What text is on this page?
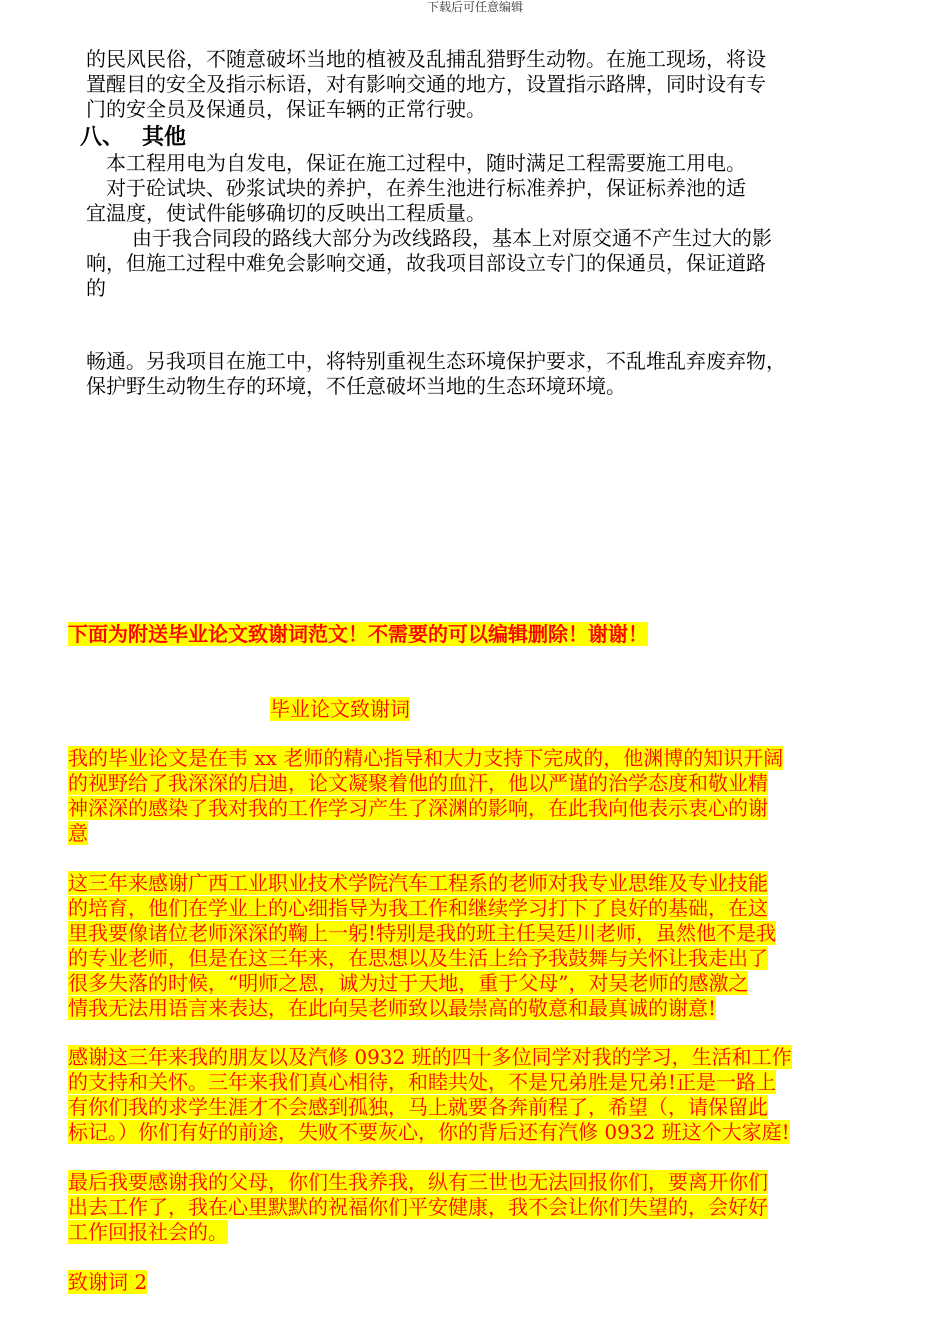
下载后可任意编辑
的民风民俗，不随意破坏当地的植被及乱捕乱猎野生动物。在施工现场，将设
置醒目的安全及指示标语，对有影响交通的地方，设置指示路牌，同时设有专
门的安全员及保通员，保证车辆的正常行驶。
八、 其他
本工程用电为自发电，保证在施工过程中，随时满足工程需要施工用电。
对于砼试块、砂浆试块的养护，在养生池进行标准养护，保证标养池的适
宜温度，使试件能够确切的反映出工程质量。
由于我合同段的路线大部分为改线路段，基本上对原交通不产生过大的影
响，但施工过程中难免会影响交通，故我项目部设立专门的保通员，保证道路
的
畅通。另我项目在施工中，将特别重视生态环境保护要求，不乱堆乱弃废弃物，
保护野生动物生存的环境，不任意破坏当地的生态环境环境。
下面为附送毕业论文致谢词范文！不需要的可以编辑删除！谢谢！
毕业论文致谢词
我的毕业论文是在韦 xx 老师的精心指导和大力支持下完成的，他渊博的知识开阔
的视野给了我深深的启迪，论文凝聚着他的血汗，他以严谨的治学态度和敬业精
神深深的感染了我对我的工作学习产生了深渊的影响，在此我向他表示衷心的谢
意
这三年来感谢广西工业职业技术学院汽车工程系的老师对我专业思维及专业技能
的培育，他们在学业上的心细指导为我工作和继续学习打下了良好的基础，在这
里我要像诸位老师深深的鞠上一躬!特别是我的班主任吴廷川老师，虽然他不是我
的专业老师，但是在这三年来，在思想以及生活上给予我鼓舞与关怀让我走出了
很多失落的时候，“明师之恩，诚为过于天地，重于父母”，对吴老师的感激之
情我无法用语言来表达，在此向吴老师致以最崇高的敬意和最真诚的谢意!
感谢这三年来我的朋友以及汽修 0932 班的四十多位同学对我的学习，生活和工作
的支持和关怀。三年来我们真心相待，和睦共处，不是兄弟胜是兄弟!正是一路上
有你们我的求学生涯才不会感到孤独，马上就要各奔前程了，希望（，请保留此
标记。）你们有好的前途，失败不要灰心，你的背后还有汽修 0932 班这个大家庭!
最后我要感谢我的父母，你们生我养我，纵有三世也无法回报你们，要离开你们
出去工作了，我在心里默默的祝福你们平安健康，我不会让你们失望的，会好好
工作回报社会的。
致谢词 2
